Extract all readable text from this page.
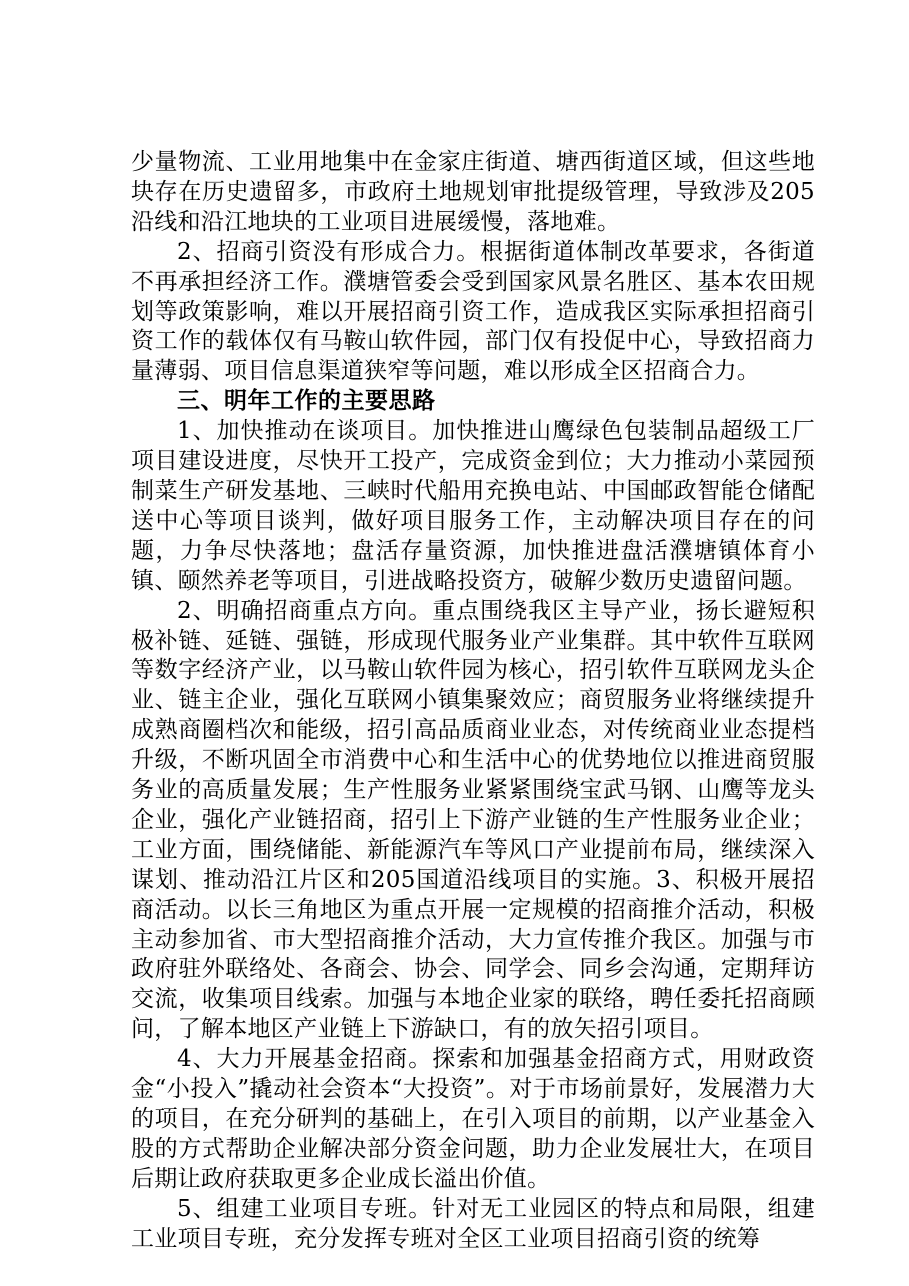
少量物流、工业用地集中在金家庄街道、塘西街道区域，但这些地块存在历史遗留多，市政府土地规划审批提级管理，导致涉及205沿线和沿江地块的工业项目进展缓慢，落地难。

2、招商引资没有形成合力。根据街道体制改革要求，各街道不再承担经济工作。濮塘管委会受到国家风景名胜区、基本农田规划等政策影响，难以开展招商引资工作，造成我区实际承担招商引资工作的载体仅有马鞍山软件园，部门仅有投促中心，导致招商力量薄弱、项目信息渠道狭窄等问题，难以形成全区招商合力。

三、明年工作的主要思路

1、加快推动在谈项目。加快推进山鹰绿色包装制品超级工厂项目建设进度，尽快开工投产，完成资金到位；大力推动小菜园预制菜生产研发基地、三峡时代船用充换电站、中国邮政智能仓储配送中心等项目谈判，做好项目服务工作，主动解决项目存在的问题，力争尽快落地；盘活存量资源，加快推进盘活濮塘镇体育小镇、颐然养老等项目，引进战略投资方，破解少数历史遗留问题。

2、明确招商重点方向。重点围绕我区主导产业，扬长避短积极补链、延链、强链，形成现代服务业产业集群。其中软件互联网等数字经济产业，以马鞍山软件园为核心，招引软件互联网龙头企业、链主企业，强化互联网小镇集聚效应；商贸服务业将继续提升成熟商圈档次和能级，招引高品质商业业态，对传统商业业态提档升级，不断巩固全市消费中心和生活中心的优势地位以推进商贸服务业的高质量发展；生产性服务业紧紧围绕宝武马钢、山鹰等龙头企业，强化产业链招商，招引上下游产业链的生产性服务业企业；工业方面，围绕储能、新能源汽车等风口产业提前布局，继续深入谋划、推动沿江片区和205国道沿线项目的实施。3、积极开展招商活动。以长三角地区为重点开展一定规模的招商推介活动，积极主动参加省、市大型招商推介活动，大力宣传推介我区。加强与市政府驻外联络处、各商会、协会、同学会、同乡会沟通，定期拜访交流，收集项目线索。加强与本地企业家的联络，聘任委托招商顾问，了解本地区产业链上下游缺口，有的放矢招引项目。

4、大力开展基金招商。探索和加强基金招商方式，用财政资金“小投入”撬动社会资本“大投资”。对于市场前景好，发展潜力大的项目，在充分研判的基础上，在引入项目的前期，以产业基金入股的方式帮助企业解决部分资金问题，助力企业发展壮大，在项目后期让政府获取更多企业成长溢出价值。

5、组建工业项目专班。针对无工业园区的特点和局限，组建工业项目专班，充分发挥专班对全区工业项目招商引资的统筹
